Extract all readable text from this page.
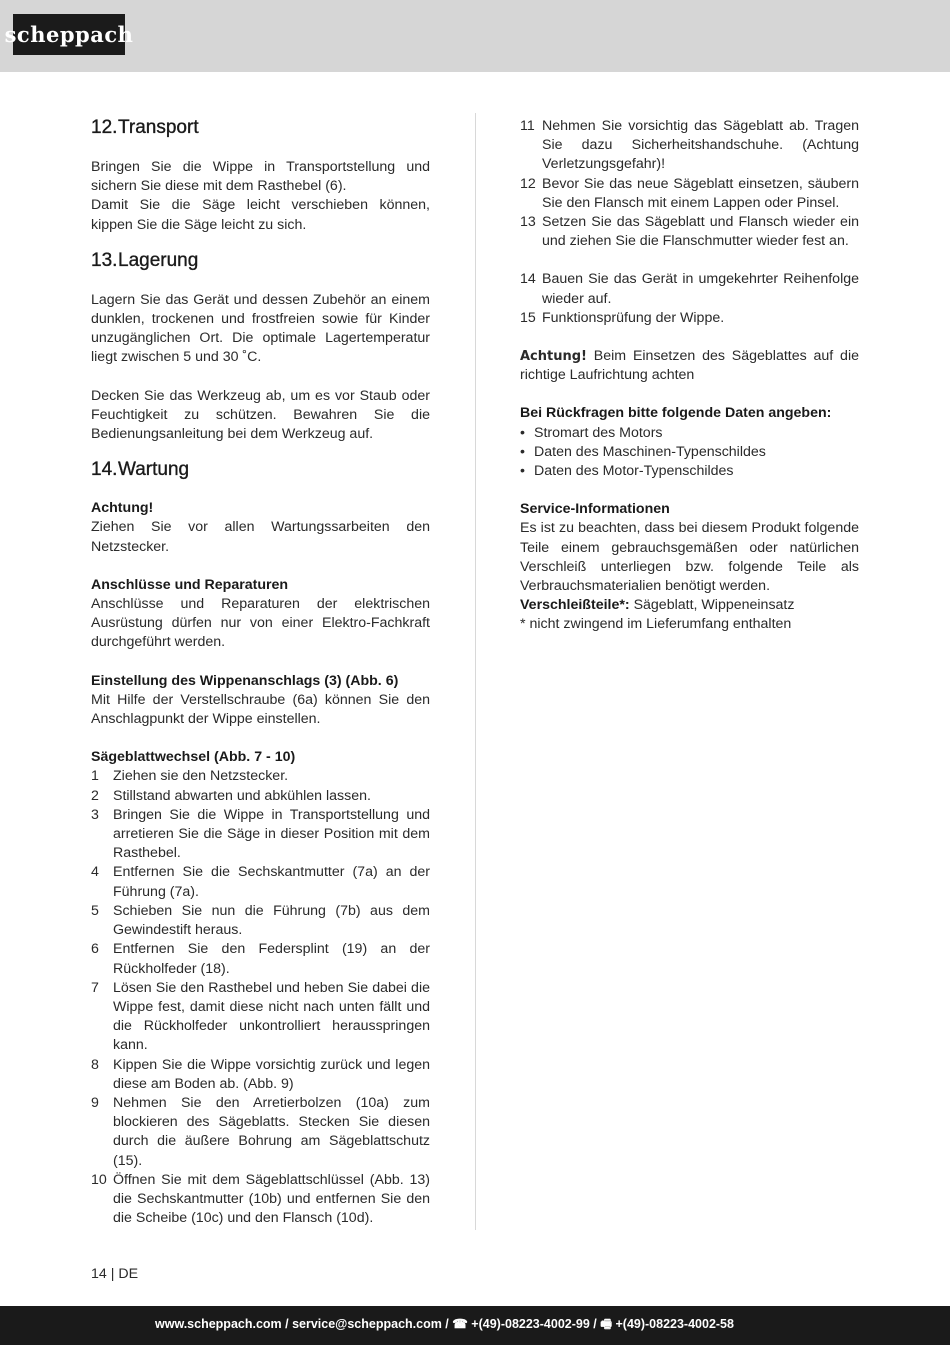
scheppach
12.Transport

Bringen Sie die Wippe in Transportstellung und sichern Sie diese mit dem Rasthebel (6).

Damit Sie die Säge leicht verschieben können, kippen Sie die Säge leicht zu sich.

13.Lagerung

Lagern Sie das Gerät und dessen Zubehör an einem dunklen, trockenen und frostfreien sowie für Kinder unzugänglichen Ort. Die optimale Lagertemperatur liegt zwischen 5 und 30 ˚C.

Decken Sie das Werkzeug ab, um es vor Staub oder Feuchtigkeit zu schützen. Bewahren Sie die Bedienungsanleitung bei dem Werkzeug auf.

14.Wartung

Achtung!

Ziehen Sie vor allen Wartungssarbeiten den Netzstecker.

Anschlüsse und Reparaturen

Anschlüsse und Reparaturen der elektrischen Ausrüstung dürfen nur von einer Elektro-Fachkraft durchgeführt werden.

Einstellung des Wippenanschlags (3) (Abb. 6)

Mit Hilfe der Verstellschraube (6a) können Sie den Anschlagpunkt der Wippe einstellen.

Sägeblattwechsel (Abb. 7 - 10)

1 Ziehen sie den Netzstecker.
2 Stillstand abwarten und abkühlen lassen.
3 Bringen Sie die Wippe in Transportstellung und arretieren Sie die Säge in dieser Position mit dem Rasthebel.
4 Entfernen Sie die Sechskantmutter (7a) an der Führung (7a).
5 Schieben Sie nun die Führung (7b) aus dem Gewindestift heraus.
6 Entfernen Sie den Federsplint (19) an der Rückholfeder (18).
7 Lösen Sie den Rasthebel und heben Sie dabei die Wippe fest, damit diese nicht nach unten fällt und die Rückholfeder unkontrolliert herausspringen kann.
8 Kippen Sie die Wippe vorsichtig zurück und legen diese am Boden ab. (Abb. 9)
9 Nehmen Sie den Arretierbolzen (10a) zum blockieren des Sägeblatts. Stecken Sie diesen durch die äußere Bohrung am Sägeblattschutz (15).
10 Öffnen Sie mit dem Sägeblattschlüssel (Abb. 13) die Sechskantmutter (10b) und entfernen Sie den die Scheibe (10c) und den Flansch (10d).
11 Nehmen Sie vorsichtig das Sägeblatt ab. Tragen Sie dazu Sicherheitshandschuhe. (Achtung Verletzungsgefahr)!
12 Bevor Sie das neue Sägeblatt einsetzen, säubern Sie den Flansch mit einem Lappen oder Pinsel.
13 Setzen Sie das Sägeblatt und Flansch wieder ein und ziehen Sie die Flanschmutter wieder fest an.
14 Bauen Sie das Gerät in umgekehrter Reihenfolge wieder auf.
15 Funktionsprüfung der Wippe.

Achtung! Beim Einsetzen des Sägeblattes auf die richtige Laufrichtung achten

Bei Rückfragen bitte folgende Daten angeben:

• Stromart des Motors
• Daten des Maschinen-Typenschildes
• Daten des Motor-Typenschildes

Service-Informationen

Es ist zu beachten, dass bei diesem Produkt folgende Teile einem gebrauchsgemäßen oder natürlichen Verschleiß unterliegen bzw. folgende Teile als Verbrauchsmaterialien benötigt werden.

Verschleißteile*: Sägeblatt, Wippeneinsatz

* nicht zwingend im Lieferumfang enthalten

14 | DE
www.scheppach.com / service@scheppach.com / ☎ +(49)-08223-4002-99 / 🖷 +(49)-08223-4002-58
